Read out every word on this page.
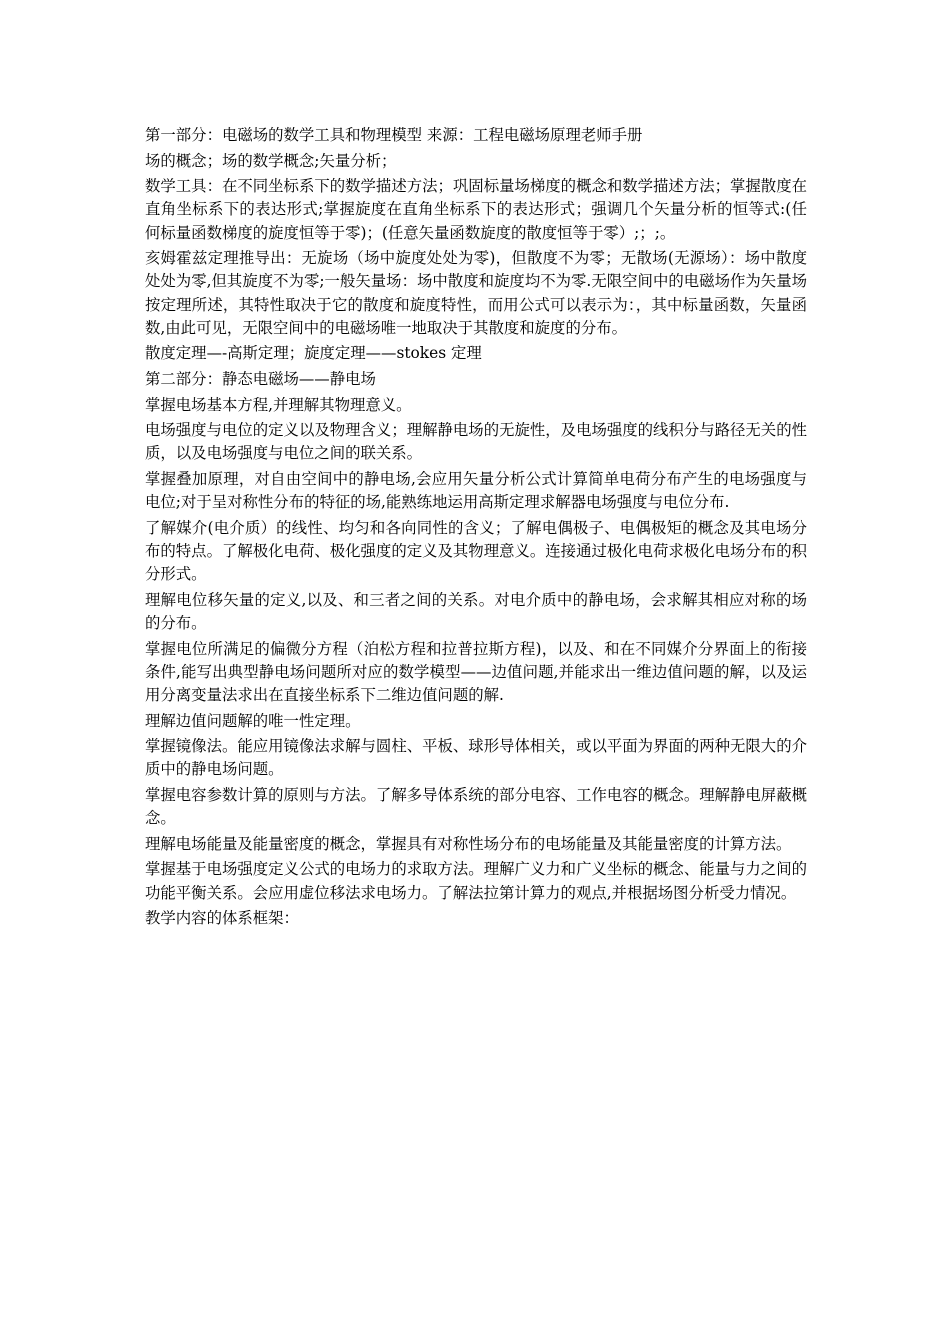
第一部分：电磁场的数学工具和物理模型 来源：工程电磁场原理老师手册

场的概念；场的数学概念;矢量分析；

数学工具：在不同坐标系下的数学描述方法；巩固标量场梯度的概念和数学描述方法；掌握散度在直角坐标系下的表达形式;掌握旋度在直角坐标系下的表达形式；强调几个矢量分析的恒等式:(任何标量函数梯度的旋度恒等于零)；(任意矢量函数旋度的散度恒等于零）;；;。

亥姆霍兹定理推导出：无旋场（场中旋度处处为零)，但散度不为零；无散场(无源场）：场中散度处处为零,但其旋度不为零;一般矢量场：场中散度和旋度均不为零.无限空间中的电磁场作为矢量场按定理所述，其特性取决于它的散度和旋度特性，而用公式可以表示为：，其中标量函数，矢量函数,由此可见，无限空间中的电磁场唯一地取决于其散度和旋度的分布。

散度定理—-高斯定理；旋度定理——stokes 定理

第二部分：静态电磁场——静电场

掌握电场基本方程,并理解其物理意义。

电场强度与电位的定义以及物理含义；理解静电场的无旋性，及电场强度的线积分与路径无关的性质，以及电场强度与电位之间的联关系。

掌握叠加原理，对自由空间中的静电场,会应用矢量分析公式计算简单电荷分布产生的电场强度与电位;对于呈对称性分布的特征的场,能熟练地运用高斯定理求解器电场强度与电位分布.

了解媒介(电介质）的线性、均匀和各向同性的含义；了解电偶极子、电偶极矩的概念及其电场分布的特点。了解极化电荷、极化强度的定义及其物理意义。连接通过极化电荷求极化电场分布的积分形式。

理解电位移矢量的定义,以及、和三者之间的关系。对电介质中的静电场，会求解其相应对称的场的分布。

掌握电位所满足的偏微分方程（泊松方程和拉普拉斯方程)，以及、和在不同媒介分界面上的衔接条件,能写出典型静电场问题所对应的数学模型——边值问题,并能求出一维边值问题的解，以及运用分离变量法求出在直接坐标系下二维边值问题的解.

理解边值问题解的唯一性定理。

掌握镜像法。能应用镜像法求解与圆柱、平板、球形导体相关，或以平面为界面的两种无限大的介质中的静电场问题。

掌握电容参数计算的原则与方法。了解多导体系统的部分电容、工作电容的概念。理解静电屏蔽概念。

理解电场能量及能量密度的概念，掌握具有对称性场分布的电场能量及其能量密度的计算方法。

掌握基于电场强度定义公式的电场力的求取方法。理解广义力和广义坐标的概念、能量与力之间的功能平衡关系。会应用虚位移法求电场力。了解法拉第计算力的观点,并根据场图分析受力情况。

教学内容的体系框架：
